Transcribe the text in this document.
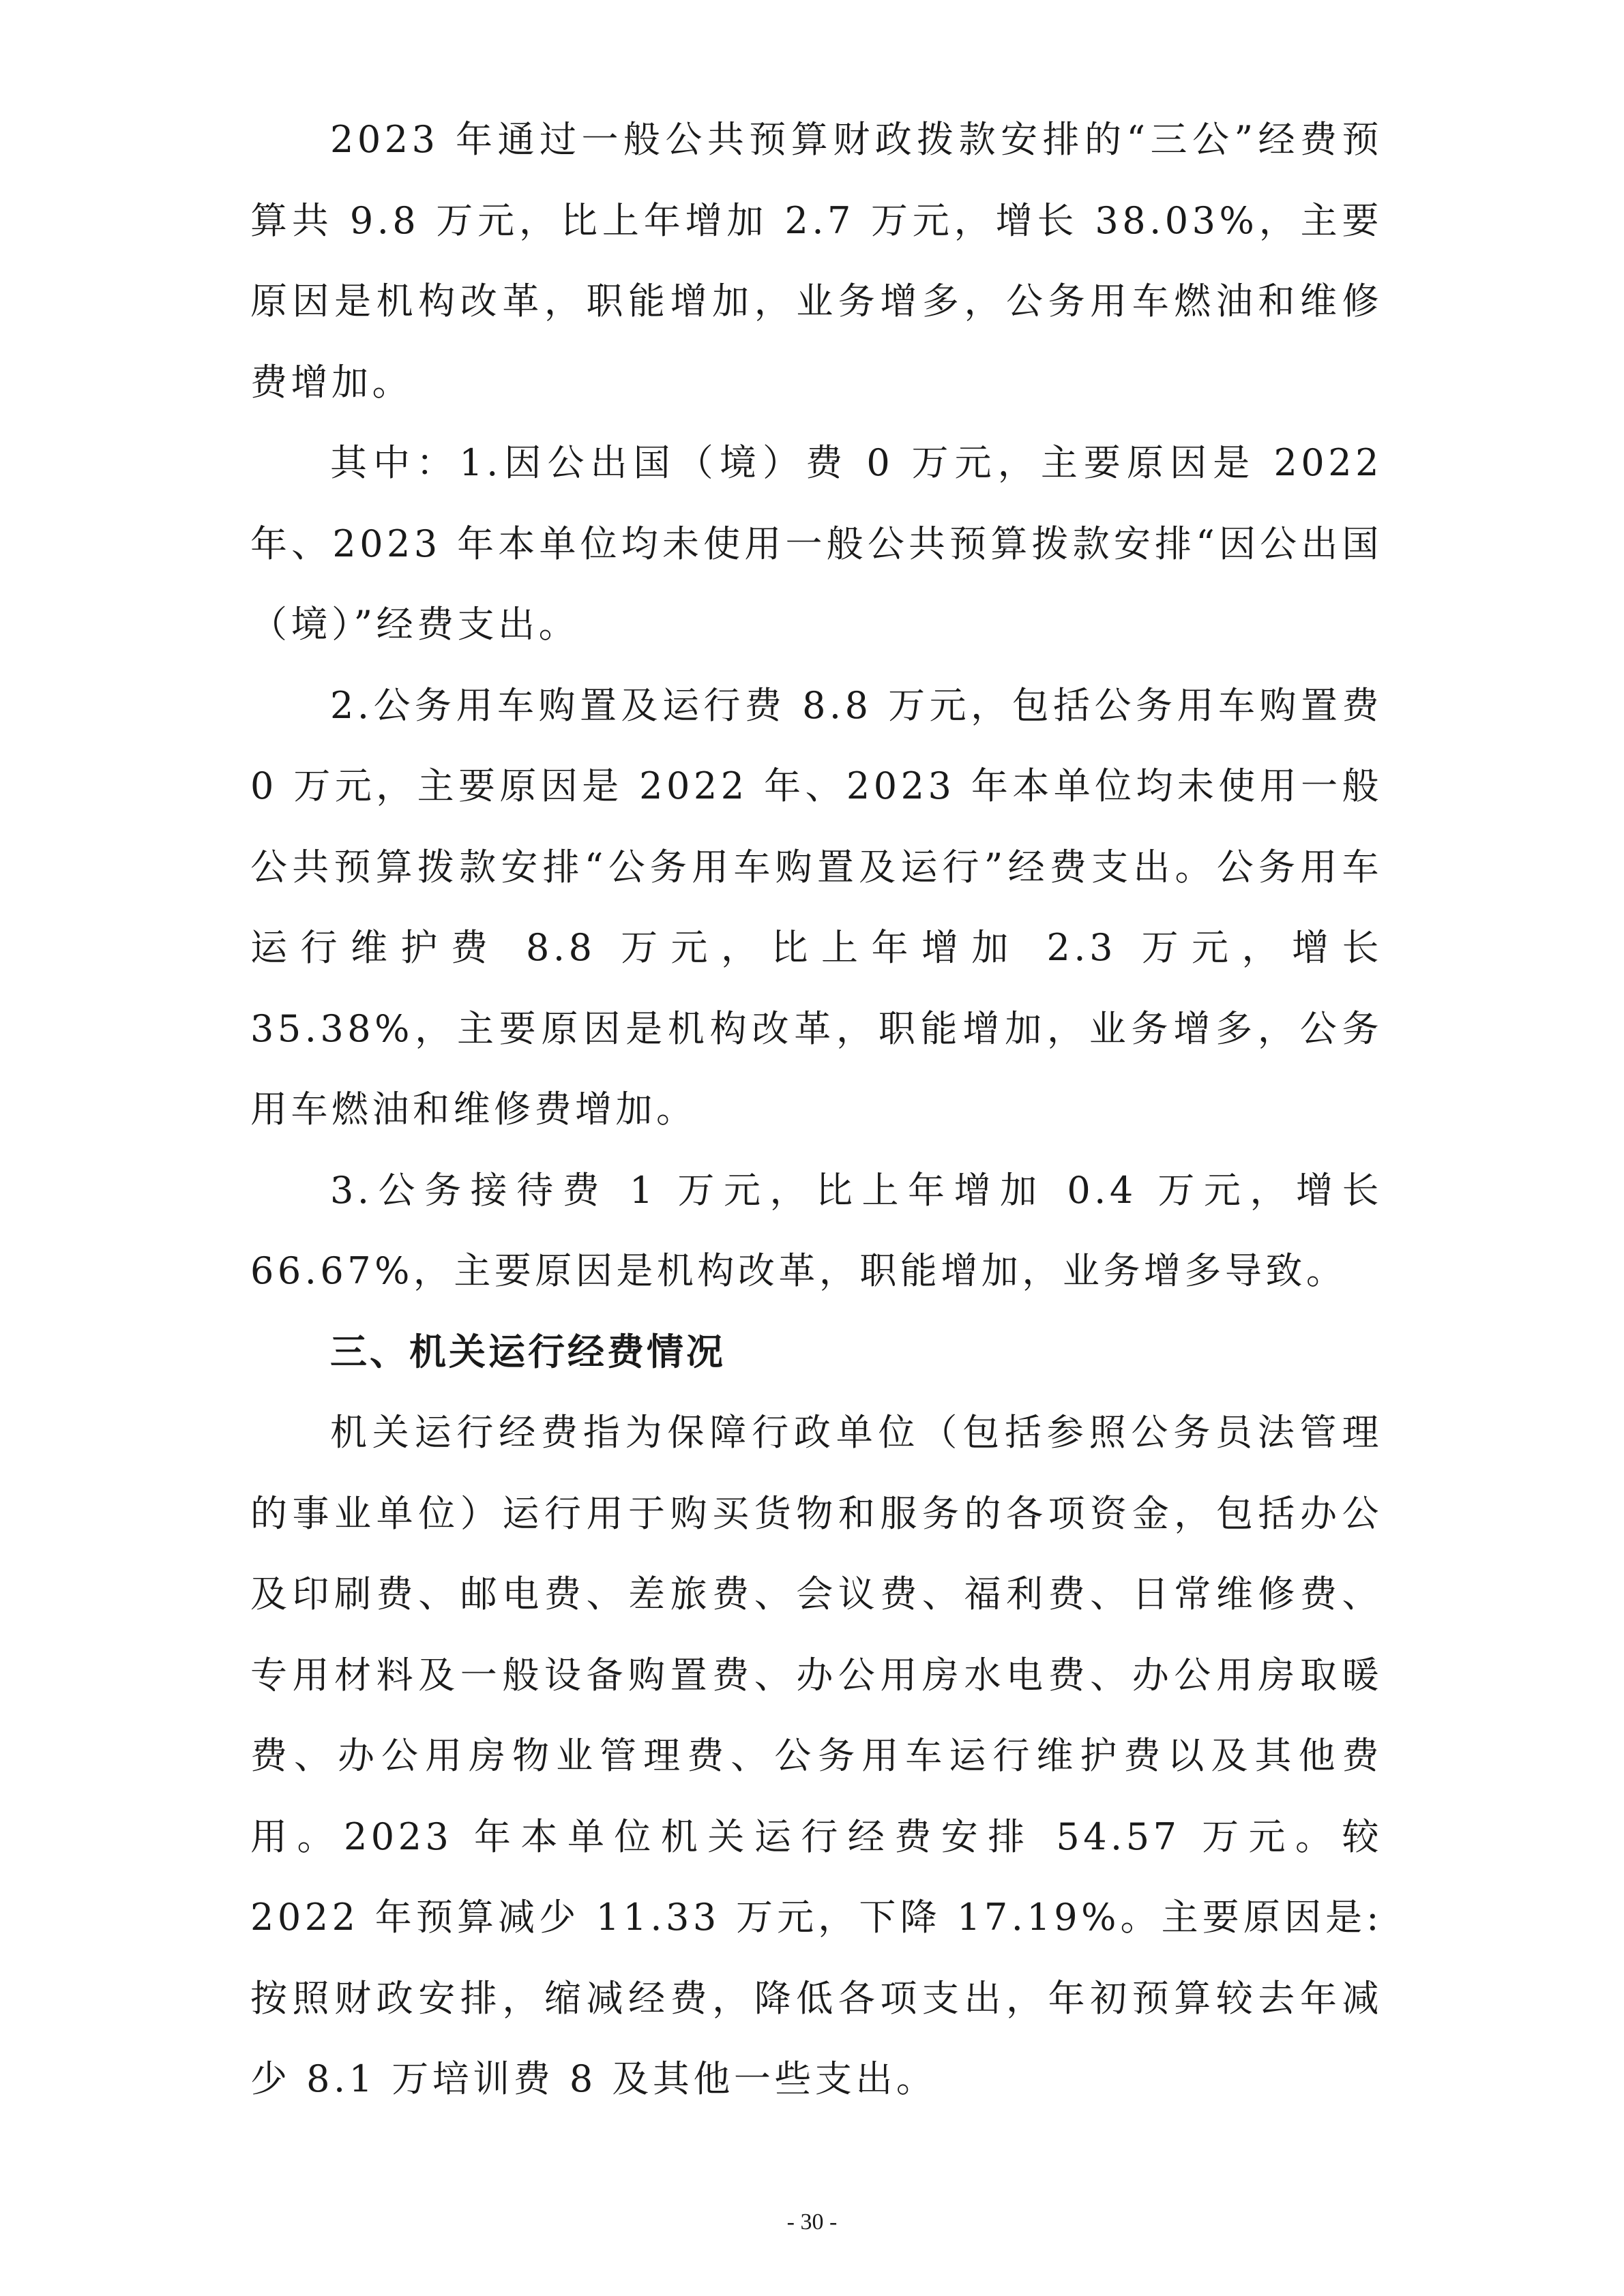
2023 年通过一般公共预算财政拨款安排的“三公”经费预算共 9.8 万元，比上年增加 2.7 万元，增长 38.03%，主要原因是机构改革，职能增加，业务增多，公务用车燃油和维修费增加。

其中：1.因公出国（境）费 0 万元，主要原因是 2022 年、2023 年本单位均未使用一般公共预算拨款安排“因公出国（境）”经费支出。

2.公务用车购置及运行费 8.8 万元，包括公务用车购置费 0 万元，主要原因是 2022 年、2023 年本单位均未使用一般公共预算拨款安排“公务用车购置及运行”经费支出。公务用车运行维护费 8.8 万元，比上年增加 2.3 万元，增长 35.38%，主要原因是机构改革，职能增加，业务增多，公务用车燃油和维修费增加。

3.公务接待费 1 万元，比上年增加 0.4 万元，增长 66.67%，主要原因是机构改革，职能增加，业务增多导致。

三、机关运行经费情况

机关运行经费指为保障行政单位（包括参照公务员法管理的事业单位）运行用于购买货物和服务的各项资金，包括办公及印刷费、邮电费、差旅费、会议费、福利费、日常维修费、专用材料及一般设备购置费、办公用房水电费、办公用房取暖费、办公用房物业管理费、公务用车运行维护费以及其他费用。2023 年本单位机关运行经费安排 54.57 万元。较 2022 年预算减少 11.33 万元，下降 17.19%。主要原因是:按照财政安排，缩减经费，降低各项支出，年初预算较去年减少 8.1 万培训费 8 及其他一些支出。

- 30 -
